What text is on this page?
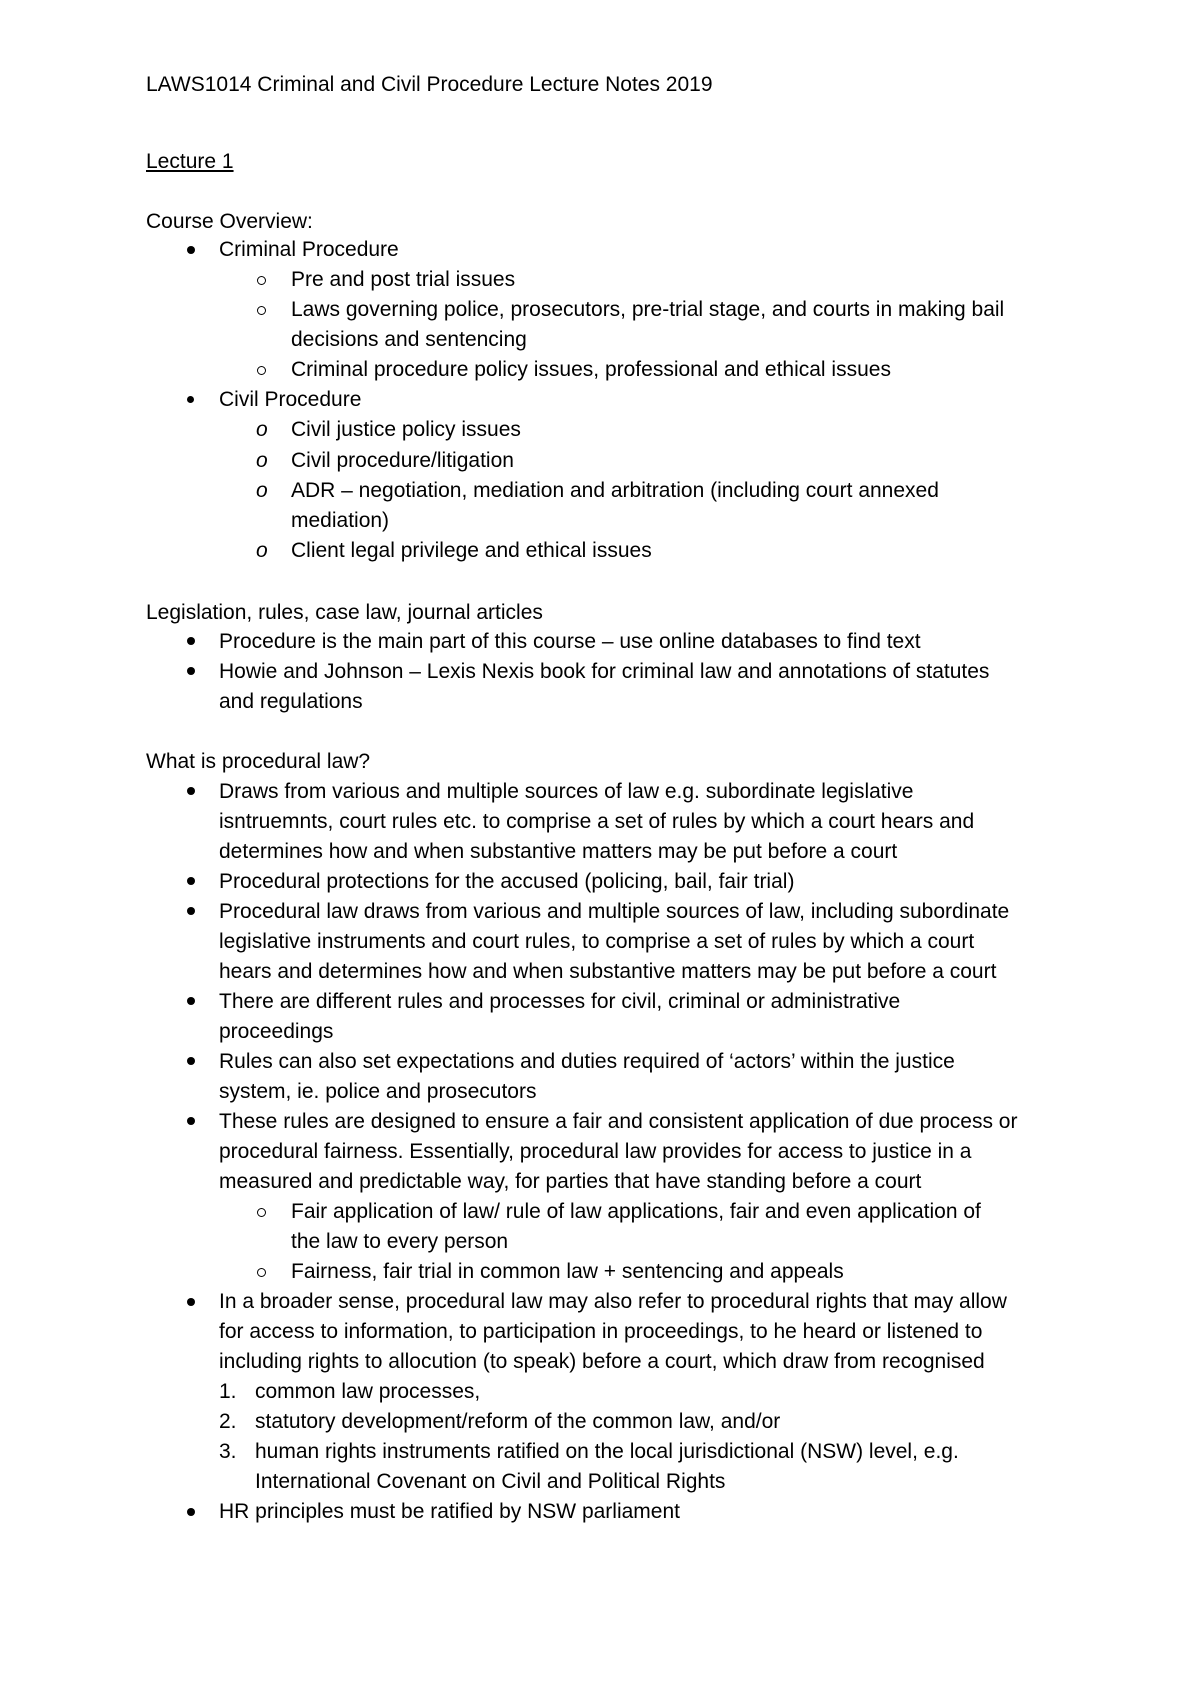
LAWS1014 Criminal and Civil Procedure Lecture Notes 2019
Lecture 1
Course Overview:
Criminal Procedure
Pre and post trial issues
Laws governing police, prosecutors, pre-trial stage, and courts in making bail
decisions and sentencing
Criminal procedure policy issues, professional and ethical issues
Civil Procedure
o Civil justice policy issues
o Civil procedure/litigation
o ADR – negotiation, mediation and arbitration (including court annexed
mediation)
o Client legal privilege and ethical issues
Legislation, rules, case law, journal articles
Procedure is the main part of this course – use online databases to find text
Howie and Johnson – Lexis Nexis book for criminal law and annotations of statutes
and regulations
What is procedural law?
Draws from various and multiple sources of law e.g. subordinate legislative
isntruemnts, court rules etc. to comprise a set of rules by which a court hears and
determines how and when substantive matters may be put before a court
Procedural protections for the accused (policing, bail, fair trial)
Procedural law draws from various and multiple sources of law, including subordinate
legislative instruments and court rules, to comprise a set of rules by which a court
hears and determines how and when substantive matters may be put before a court
There are different rules and processes for civil, criminal or administrative
proceedings
Rules can also set expectations and duties required of ‘actors’ within the justice
system, ie. police and prosecutors
These rules are designed to ensure a fair and consistent application of due process or
procedural fairness. Essentially, procedural law provides for access to justice in a
measured and predictable way, for parties that have standing before a court
Fair application of law/ rule of law applications, fair and even application of
the law to every person
Fairness, fair trial in common law + sentencing and appeals
In a broader sense, procedural law may also refer to procedural rights that may allow
for access to information, to participation in proceedings, to he heard or listened to
including rights to allocution (to speak) before a court, which draw from recognised
1. common law processes,
2. statutory development/reform of the common law, and/or
3. human rights instruments ratified on the local jurisdictional (NSW) level, e.g.
International Covenant on Civil and Political Rights
HR principles must be ratified by NSW parliament
